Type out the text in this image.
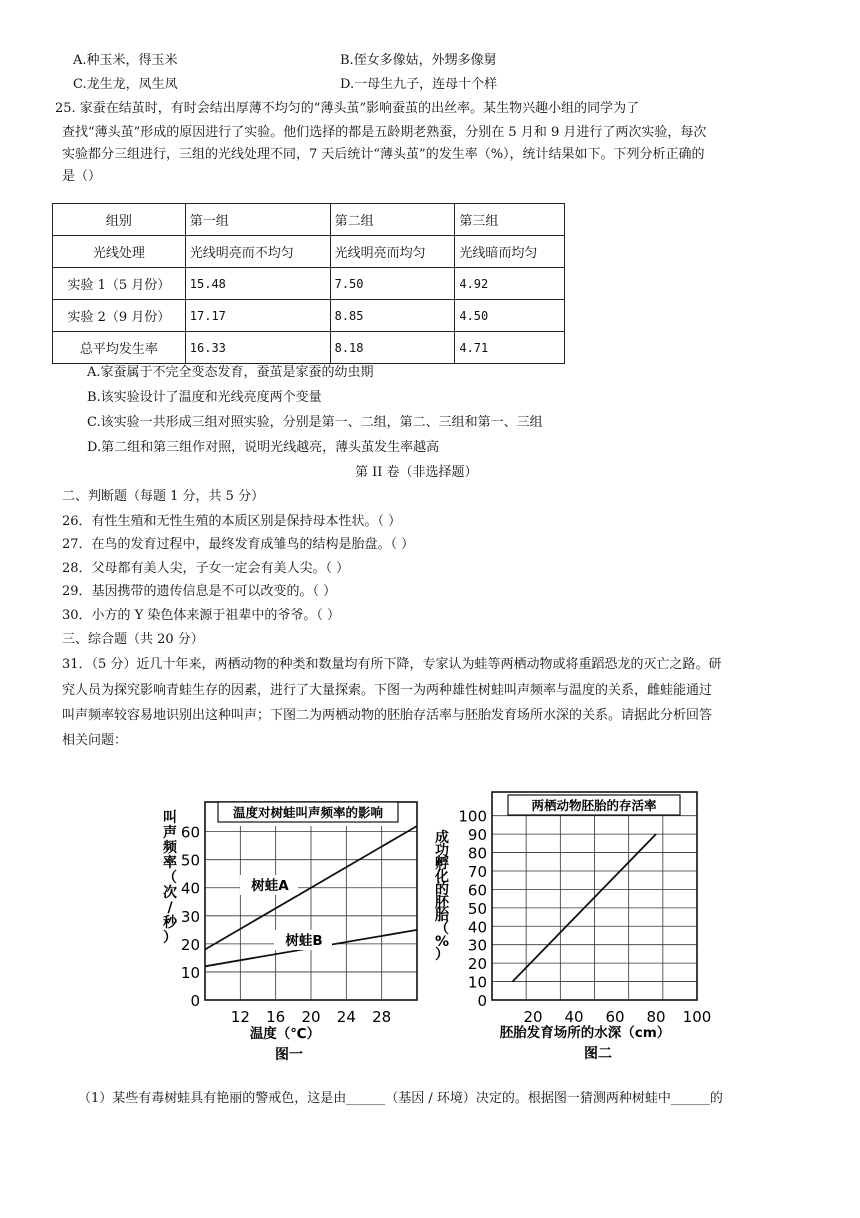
A.种玉米，得玉米	B.侄女多像姑，外甥多像舅
C.龙生龙，凤生凤	D.一母生九子，连母十个样
25. 家蚕在结茧时，有时会结出厚薄不均匀的“薄头茧”影响蚕茧的出丝率。某生物兴趣小组的同学为了
查找“薄头茧”形成的原因进行了实验。他们选择的都是五龄期老熟蚕，分别在 5 月和 9 月进行了两次实验，每次
实验都分三组进行，三组的光线处理不同，7 天后统计“薄头茧”的发生率（%），统计结果如下。下列分析正确的
是（）
组别	第一组	第二组	第三组
光线处理	光线明亮而不均匀	光线明亮而均匀	光线暗而均匀
实验 1（5 月份）	15.48	7.50	4.92
实验 2（9 月份）	17.17	8.85	4.50
总平均发生率	16.33	8.18	4.71
A.家蚕属于不完全变态发育，蚕茧是家蚕的幼虫期
B.该实验设计了温度和光线亮度两个变量
C.该实验一共形成三组对照实验，分别是第一、二组，第二、三组和第一、三组
D.第二组和第三组作对照，说明光线越亮，薄头茧发生率越高
第 II 卷（非选择题）
二、判断题（每题 1 分，共 5 分）
26．有性生殖和无性生殖的本质区别是保持母本性状。（ ）
27．在鸟的发育过程中，最终发育成雏鸟的结构是胎盘。（ ）
28．父母都有美人尖，子女一定会有美人尖。（ ）
29．基因携带的遗传信息是不可以改变的。（ ）
30．小方的 Y 染色体来源于祖辈中的爷爷。（ ）
三、综合题（共 20 分）
31．（5 分）近几十年来，两栖动物的种类和数量均有所下降，专家认为蛙等两栖动物或将重蹈恐龙的灭亡之路。研
究人员为探究影响青蛙生存的因素，进行了大量探索。下图一为两种雄性树蛙叫声频率与温度的关系，雌蛙能通过
叫声频率较容易地识别出这种叫声；下图二为两栖动物的胚胎存活率与胚胎发育场所水深的关系。请据此分析回答
相关问题：
温度对树蛙叫声频率的影响
0
10
20
30
40
50
60
12 16 20 24 28
树蛙A
树蛙B
温度（℃）
叫声频率（次/秒）
图一
两栖动物胚胎的存活率
0
10
20
30
40
50
60
70
80
90
100
20 40 60 80 100
胚胎发育场所的水深（cm）
成功孵化的胚胎（%）
图二
（1）某些有毒树蛙具有艳丽的警戒色，这是由______（基因 / 环境）决定的。根据图一猜测两种树蛙中______的
